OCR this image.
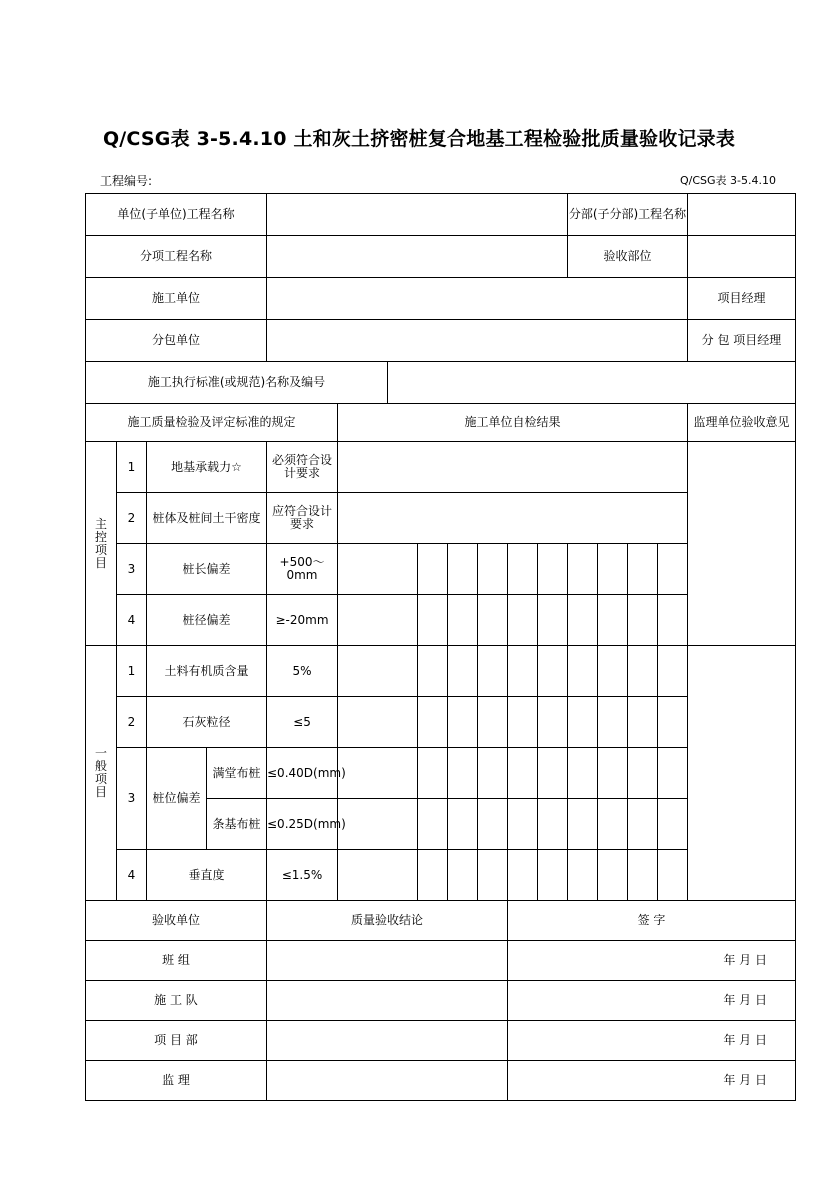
Q/CSG表 3-5.4.10 土和灰土挤密桩复合地基工程检验批质量验收记录表
工程编号:	Q/CSG表 3-5.4.10
单位(子单位)工程名称												分部(子分部)工程名称				
分项工程名称												验收部位				
施工单位																项目经理
分包单位																分 包 项目经理
施工执行标准(或规范)名称及编号																
施工质量检验及评定标准的规定					施工单位自检结果											监理单位验收意见

主
控
项
目	1	地基承载力☆		必须符合设计要求												
	2	桩体及桩间土干密度		应符合设计要求												
	3	桩长偏差		+500～0mm												
	4	桩径偏差		≥-20mm												

一
般
项
目	1	土料有机质含量		5%												
	2	石灰粒径		≤5												
	3	桩位偏差	满堂布桩	≤0.40D(mm)												
			条基布桩	≤0.25D(mm)												
	4	垂直度		≤1.5%												
验收单位				质量验收结论						签 字						
班 组										年 月 日						
施 工 队										年 月 日						
项 目 部										年 月 日						
监 理										年 月 日						
